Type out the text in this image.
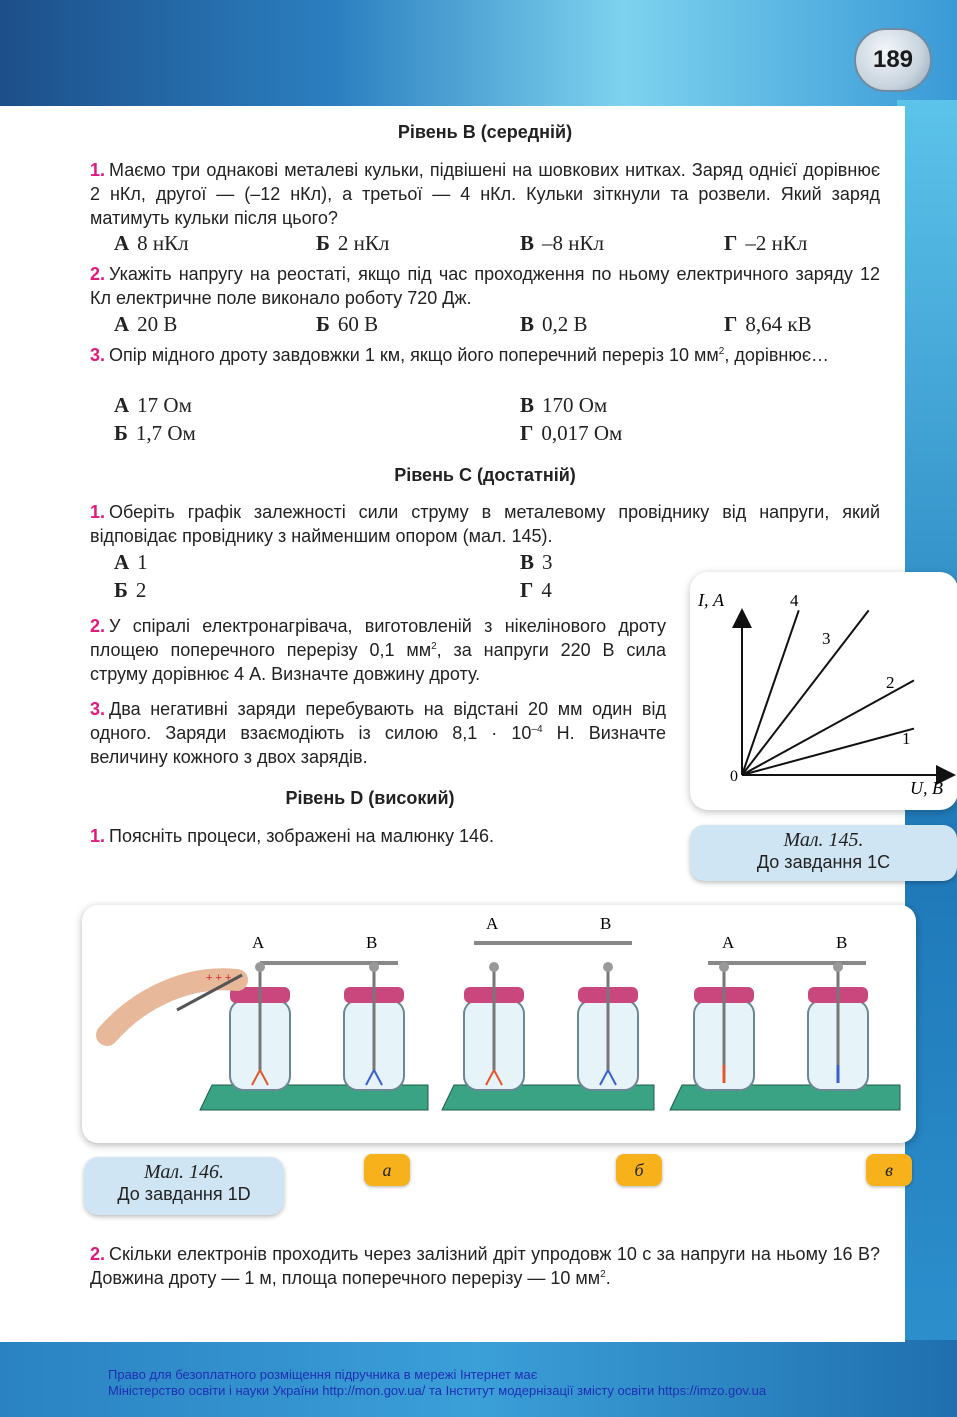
189
Рівень В (середній)
1. Маємо три однакові металеві кульки, підвішені на шовкових нитках. Заряд однієї дорівнює 2 нКл, другої — (–12 нКл), а третьої — 4 нКл. Кульки зіткнули та розвели. Який заряд матимуть кульки після цього?
А 8 нКл	Б 2 нКл	В –8 нКл	Г –2 нКл
2. Укажіть напругу на реостаті, якщо під час проходження по ньому електричного заряду 12 Кл електричне поле виконало роботу 720 Дж.
А 20 В	Б 60 В	В 0,2 В	Г 8,64 кВ
3. Опір мідного дроту завдовжки 1 км, якщо його поперечний переріз 10 $мм^2$, дорівнює…
А 17 Ом	В 170 Ом
Б 1,7 Ом	Г 0,017 Ом
Рівень С (достатній)
1. Оберіть графік залежності сили струму в металевому провіднику від напруги, який відповідає провіднику з найменшим опором (мал. 145).
А 1	В 3
Б 2	Г 4
2. У спіралі електронагрівача, виготовленій з нікелінового дроту площею поперечного перерізу 0,1 $мм^2$, за напруги 220 В сила струму дорівнює 4 А. Визначте довжину дроту.
3. Два негативні заряди перебувають на відстані 20 мм один від одного. Заряди взаємодіють із силою $8,1 \cdot 10^{-4}$ Н. Визначте величину кожного з двох зарядів.
I, А
U, В
0
1
2
3
4
Мал. 145.
До завдання 1С
Рівень D (високий)
1. Поясніть процеси, зображені на малюнку 146.
+ + +
А	В
А	В
А	В
Мал. 146.
До завдання 1D
а	б	в
2. Скільки електронів проходить через залізний дріт упродовж 10 с за напруги на ньому 16 В? Довжина дроту — 1 м, площа поперечного перерізу — 10 $мм^2$.
Право для безоплатного розміщення підручника в мережі Інтернет має
Міністерство освіти і науки України http://mon.gov.ua/ та Інститут модернізації змісту освіти https://imzo.gov.ua
